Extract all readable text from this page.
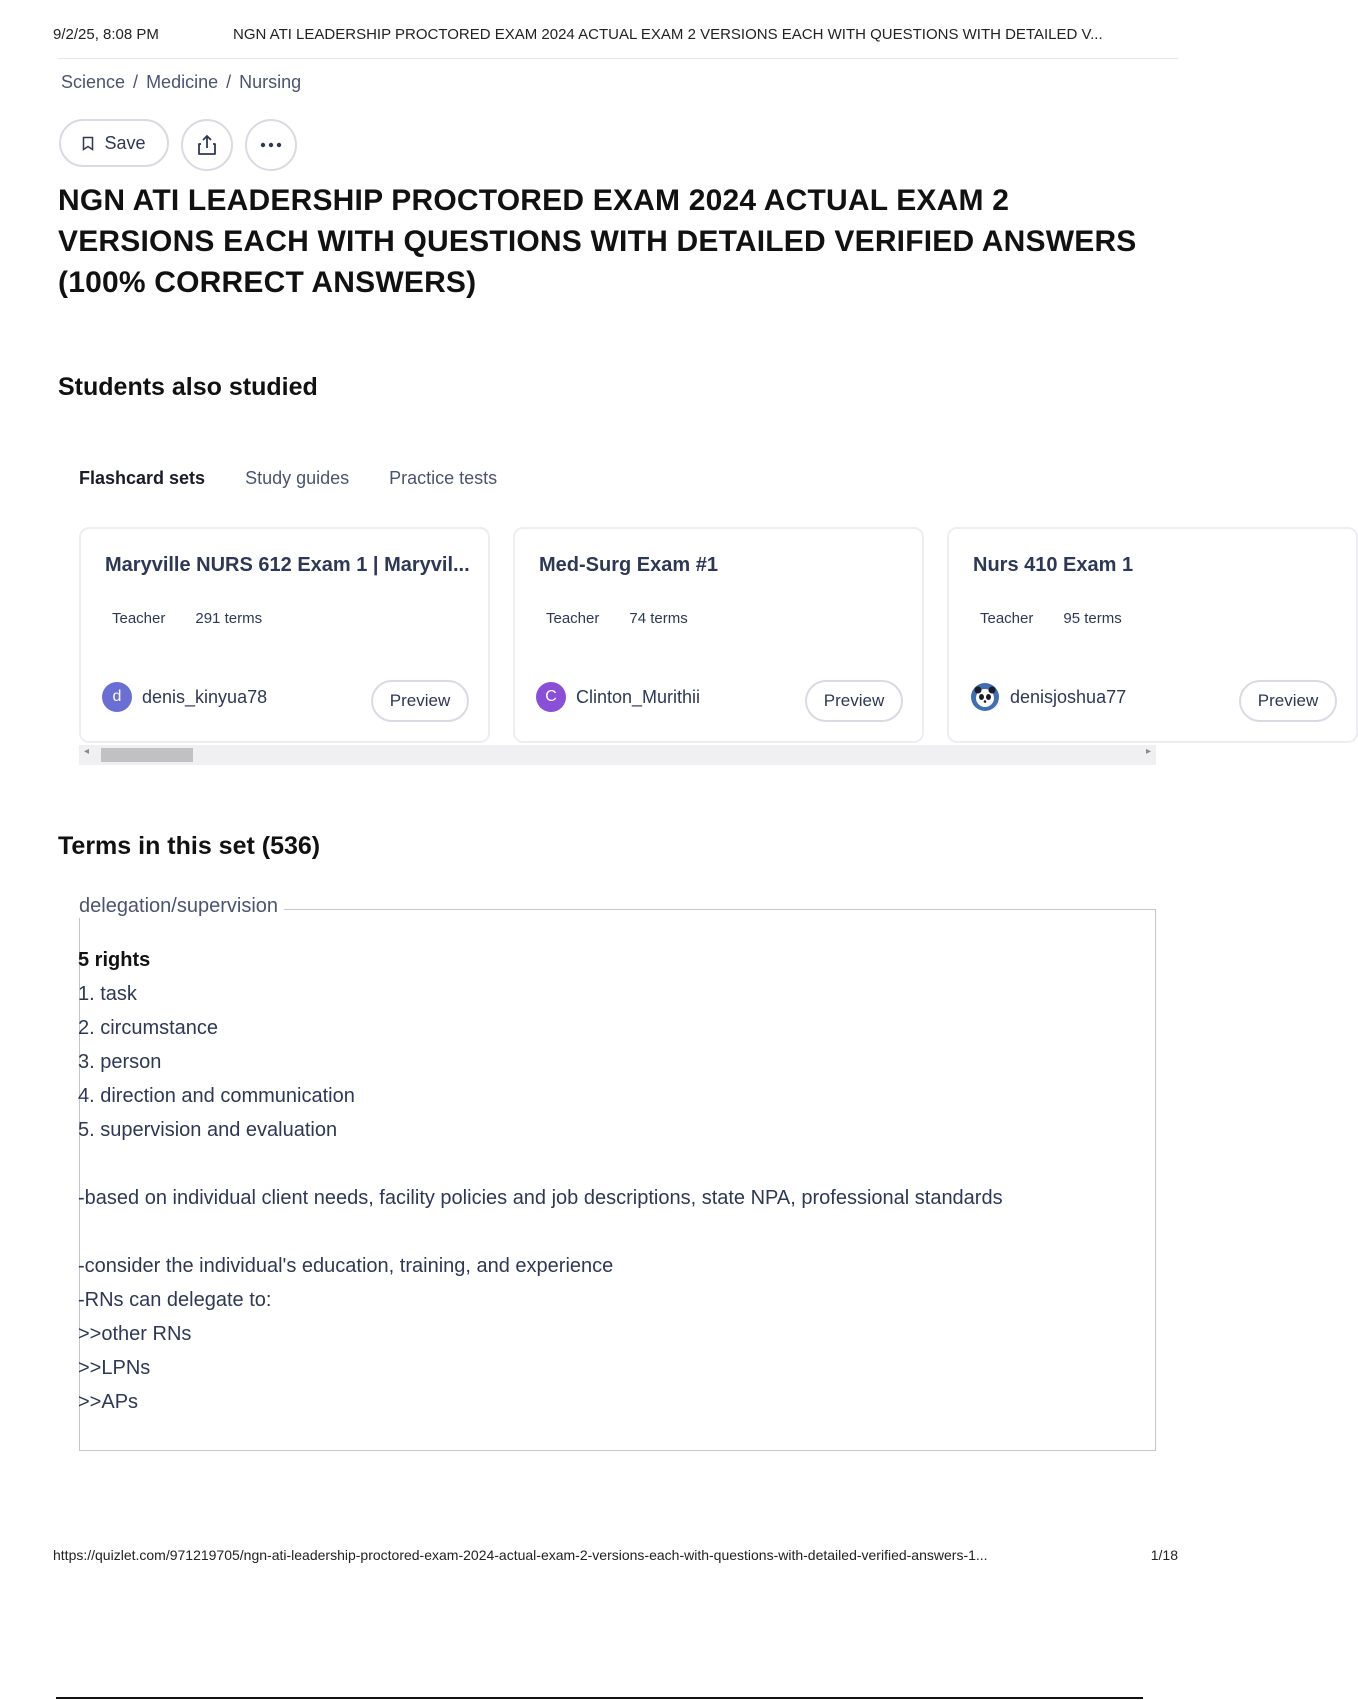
9/2/25, 8:08 PM	NGN ATI LEADERSHIP PROCTORED EXAM 2024 ACTUAL EXAM 2 VERSIONS EACH WITH QUESTIONS WITH DETAILED V...
Science / Medicine / Nursing
Save
NGN ATI LEADERSHIP PROCTORED EXAM 2024 ACTUAL EXAM 2 VERSIONS EACH WITH QUESTIONS WITH DETAILED VERIFIED ANSWERS (100% CORRECT ANSWERS)
Students also studied
Flashcard sets Study guides Practice tests
Maryville NURS 612 Exam 1 | Maryvil...
Teacher 291 terms
d	denis_kinyua78	Preview
Med-Surg Exam #1
Teacher 74 terms
C	Clinton_Murithii	Preview
Nurs 410 Exam 1
Teacher 95 terms
denisjoshua77	Preview
◂	▸
Terms in this set (536)
delegation/supervision
5 rights
1. task
2. circumstance
3. person
4. direction and communication
5. supervision and evaluation

-based on individual client needs, facility policies and job descriptions, state NPA, professional standards

-consider the individual's education, training, and experience
-RNs can delegate to:
>>other RNs
>>LPNs
>>APs
https://quizlet.com/971219705/ngn-ati-leadership-proctored-exam-2024-actual-exam-2-versions-each-with-questions-with-detailed-verified-answers-1...	1/18
